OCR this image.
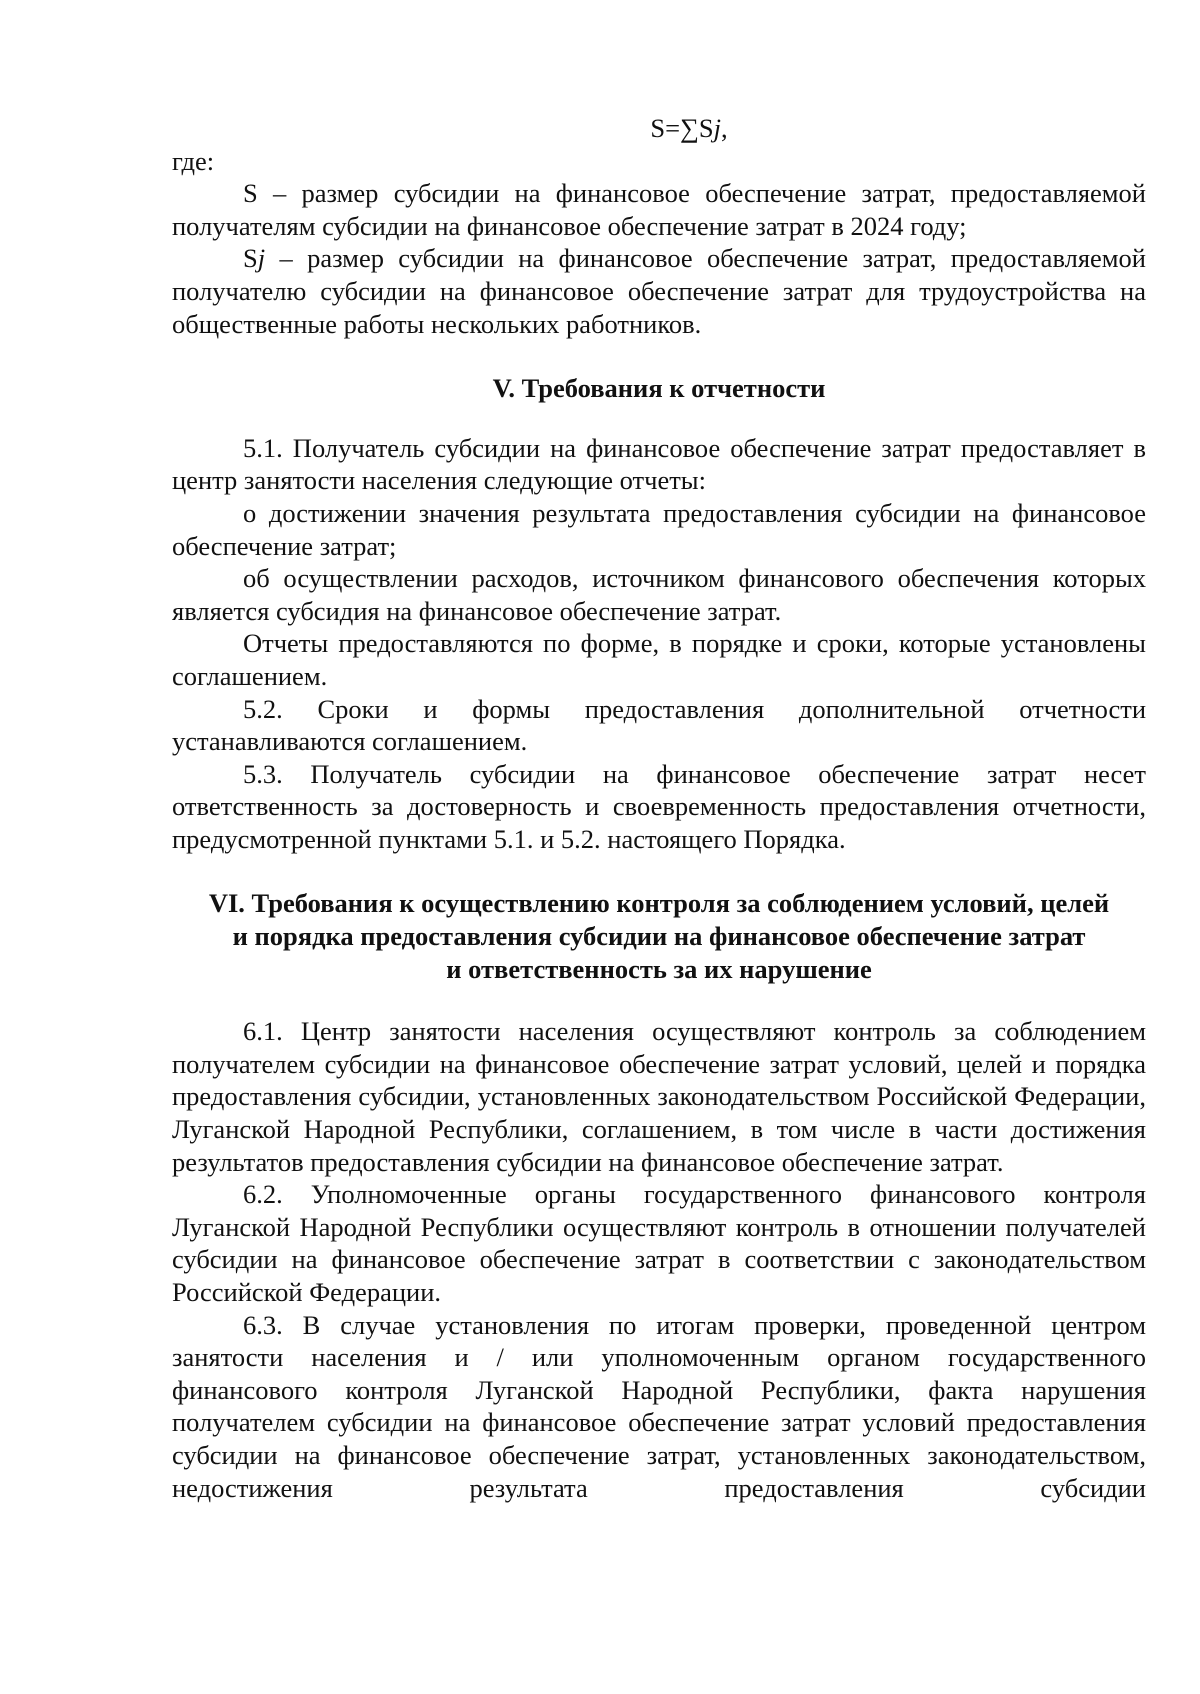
S=∑Sj,

где:

S – размер субсидии на финансовое обеспечение затрат, предоставляемой получателям субсидии на финансовое обеспечение затрат в 2024 году;

Sj – размер субсидии на финансовое обеспечение затрат, предоставляемой получателю субсидии на финансовое обеспечение затрат для трудоустройства на общественные работы нескольких работников.

V. Требования к отчетности

5.1. Получатель субсидии на финансовое обеспечение затрат предоставляет в центр занятости населения следующие отчеты:

о достижении значения результата предоставления субсидии на финансовое обеспечение затрат;

об осуществлении расходов, источником финансового обеспечения которых является субсидия на финансовое обеспечение затрат.

Отчеты предоставляются по форме, в порядке и сроки, которые установлены соглашением.

5.2. Сроки и формы предоставления дополнительной отчетности устанавливаются соглашением.

5.3. Получатель субсидии на финансовое обеспечение затрат несет ответственность за достоверность и своевременность предоставления отчетности, предусмотренной пунктами 5.1. и 5.2. настоящего Порядка.

VI. Требования к осуществлению контроля за соблюдением условий, целей
и порядка предоставления субсидии на финансовое обеспечение затрат
и ответственность за их нарушение

6.1. Центр занятости населения осуществляют контроль за соблюдением получателем субсидии на финансовое обеспечение затрат условий, целей и порядка предоставления субсидии, установленных законодательством Российской Федерации, Луганской Народной Республики, соглашением, в том числе в части достижения результатов предоставления субсидии на финансовое обеспечение затрат.

6.2. Уполномоченные органы государственного финансового контроля Луганской Народной Республики осуществляют контроль в отношении получателей субсидии на финансовое обеспечение затрат в соответствии с законодательством Российской Федерации.

6.3. В случае установления по итогам проверки, проведенной центром занятости населения и / или уполномоченным органом государственного финансового контроля Луганской Народной Республики, факта нарушения получателем субсидии на финансовое обеспечение затрат условий предоставления субсидии на финансовое обеспечение затрат, установленных законодательством, недостижения результата предоставления субсидии
